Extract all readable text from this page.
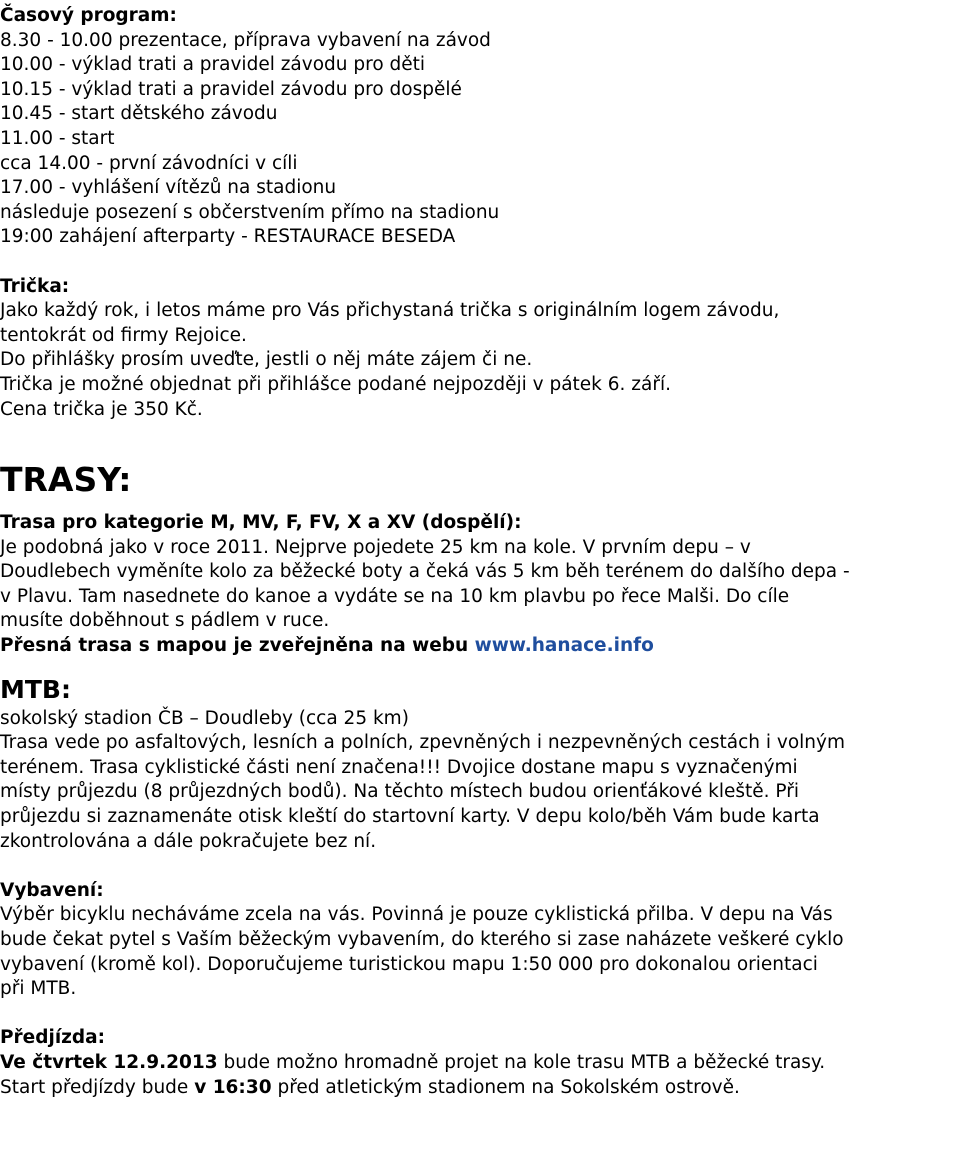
Časový program:

8.30 - 10.00 prezentace, příprava vybavení na závod

10.00 - výklad trati a pravidel závodu pro děti

10.15 - výklad trati a pravidel závodu pro dospělé

10.45 - start dětského závodu

11.00 - start

cca 14.00 - první závodníci v cíli

17.00 - vyhlášení vítězů na stadionu

následuje posezení s občerstvením přímo na stadionu

19:00 zahájení afterparty - RESTAURACE BESEDA

Trička:

Jako každý rok, i letos máme pro Vás přichystaná trička s originálním logem závodu,

tentokrát od firmy Rejoice.

Do přihlášky prosím uveďte, jestli o něj máte zájem či ne.

Trička je možné objednat při přihlášce podané nejpozději v pátek 6. září.

Cena trička je 350 Kč.

TRASY:

Trasa pro kategorie M, MV, F, FV, X a XV (dospělí):

Je podobná jako v roce 2011. Nejprve pojedete 25 km na kole. V prvním depu – v

Doudlebech vyměníte kolo za běžecké boty a čeká vás 5 km běh terénem do dalšího depa -

v Plavu. Tam nasednete do kanoe a vydáte se na 10 km plavbu po řece Malši. Do cíle

musíte doběhnout s pádlem v ruce.

Přesná trasa s mapou je zveřejněna na webu www.hanace.info

MTB:

sokolský stadion ČB – Doudleby (cca 25 km)

Trasa vede po asfaltových, lesních a polních, zpevněných i nezpevněných cestách i volným

terénem. Trasa cyklistické části není značena!!! Dvojice dostane mapu s vyznačenými

místy průjezdu (8 průjezdných bodů). Na těchto místech budou orienťákové kleště. Při

průjezdu si zaznamenáte otisk kleští do startovní karty. V depu kolo/běh Vám bude karta

zkontrolována a dále pokračujete bez ní.

Vybavení:

Výběr bicyklu necháváme zcela na vás. Povinná je pouze cyklistická přilba. V depu na Vás

bude čekat pytel s Vaším běžeckým vybavením, do kterého si zase naházete veškeré cyklo

vybavení (kromě kol). Doporučujeme turistickou mapu 1:50 000 pro dokonalou orientaci

při MTB.

Předjízda:

Ve čtvrtek 12.9.2013 bude možno hromadně projet na kole trasu MTB a běžecké trasy.

Start předjízdy bude v 16:30 před atletickým stadionem na Sokolském ostrově.
